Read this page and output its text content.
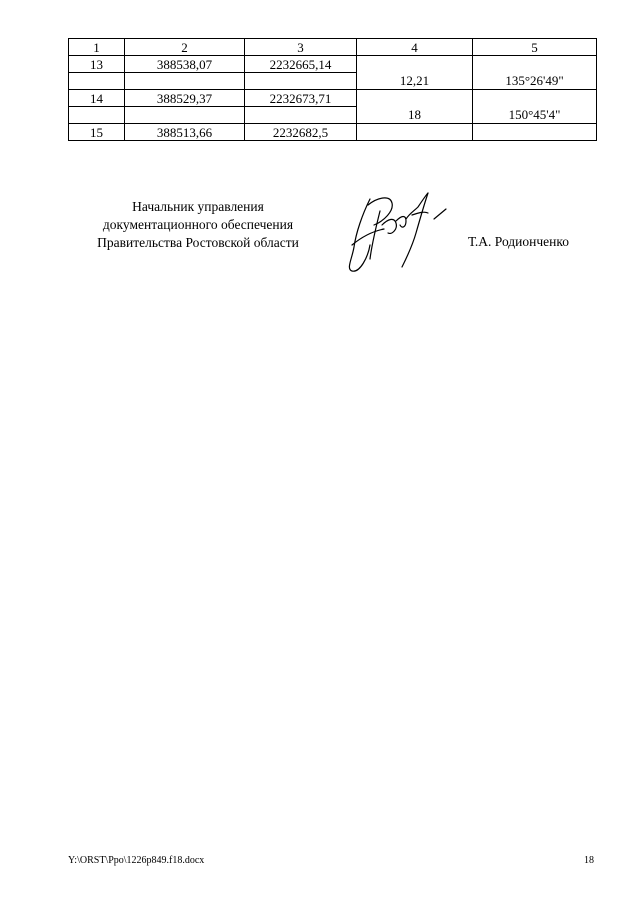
1	2	3	4	5
13	388538,07	2232665,14		
			12,21	135°26'49"
14	388529,37	2232673,71		
			18	150°45'4"
15	388513,66	2232682,5		
Начальник управления
документационного обеспечения
Правительства Ростовской области	Т.А. Родионченко
Y:\ORST\Ppo\1226p849.f18.docx	18
